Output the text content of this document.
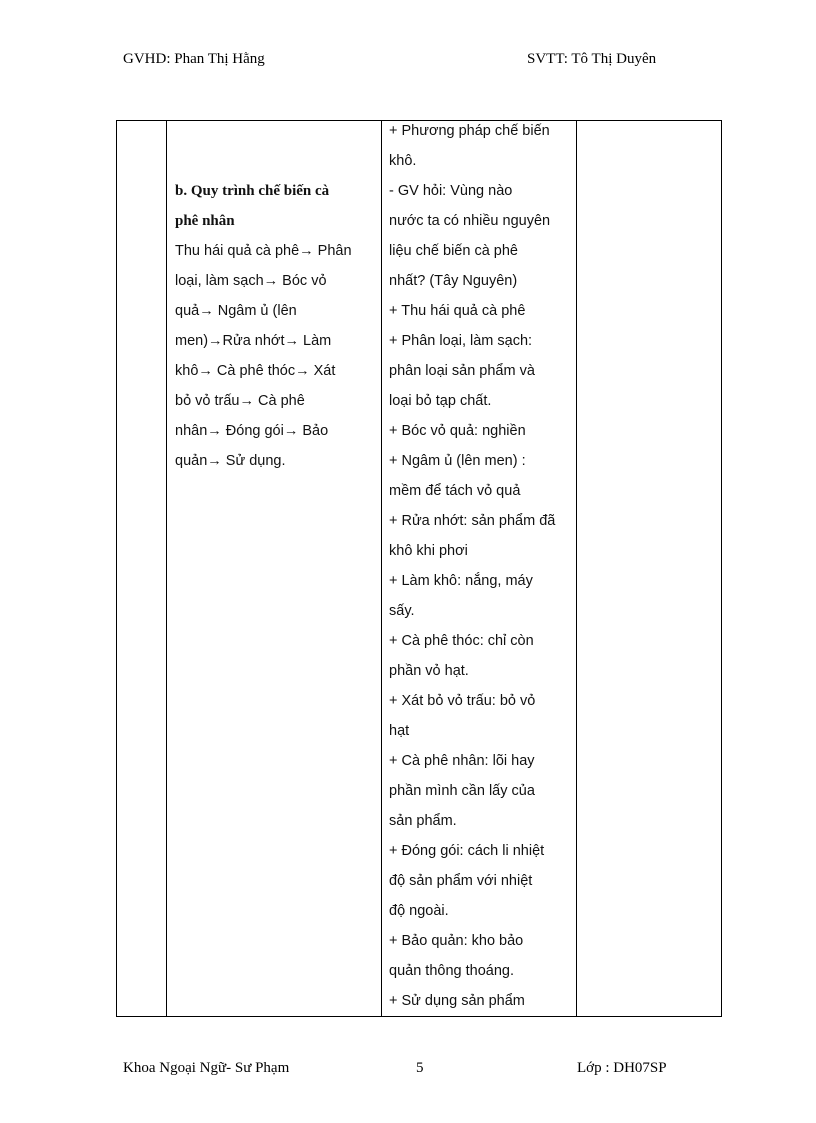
GVHD: Phan Thị Hằng	SVTT: Tô Thị Duyên
b. Quy trình chế biến cà
phê nhân
Thu hái quả cà phê→ Phân
loại, làm sạch→ Bóc vỏ
quả→ Ngâm ủ (lên
men)→Rửa nhớt→ Làm
khô→ Cà phê thóc→ Xát
bỏ vỏ trấu→ Cà phê
nhân→ Đóng gói→ Bảo
quản→ Sử dụng.
+ Phương pháp chế biến
khô.
- GV hỏi: Vùng nào
nước ta có nhiều nguyên
liệu chế biến cà phê
nhất? (Tây Nguyên)
+ Thu hái quả cà phê
+ Phân loại, làm sạch:
phân loại sản phẩm và
loại bỏ tạp chất.
+ Bóc vỏ quả: nghiền
+ Ngâm ủ (lên men) :
mềm để tách vỏ quả
+ Rửa nhớt: sản phẩm đã
khô khi phơi
+ Làm khô: nắng, máy
sấy.
+ Cà phê thóc: chỉ còn
phần vỏ hạt.
+ Xát bỏ vỏ trấu: bỏ vỏ
hạt
+ Cà phê nhân: lõi hay
phần mình cần lấy của
sản phẩm.
+ Đóng gói: cách li nhiệt
độ sản phẩm với nhiệt
độ ngoài.
+ Bảo quản: kho bảo
quản thông thoáng.
+ Sử dụng sản phẩm
Khoa Ngoại Ngữ- Sư Phạm	5	Lớp : DH07SP
